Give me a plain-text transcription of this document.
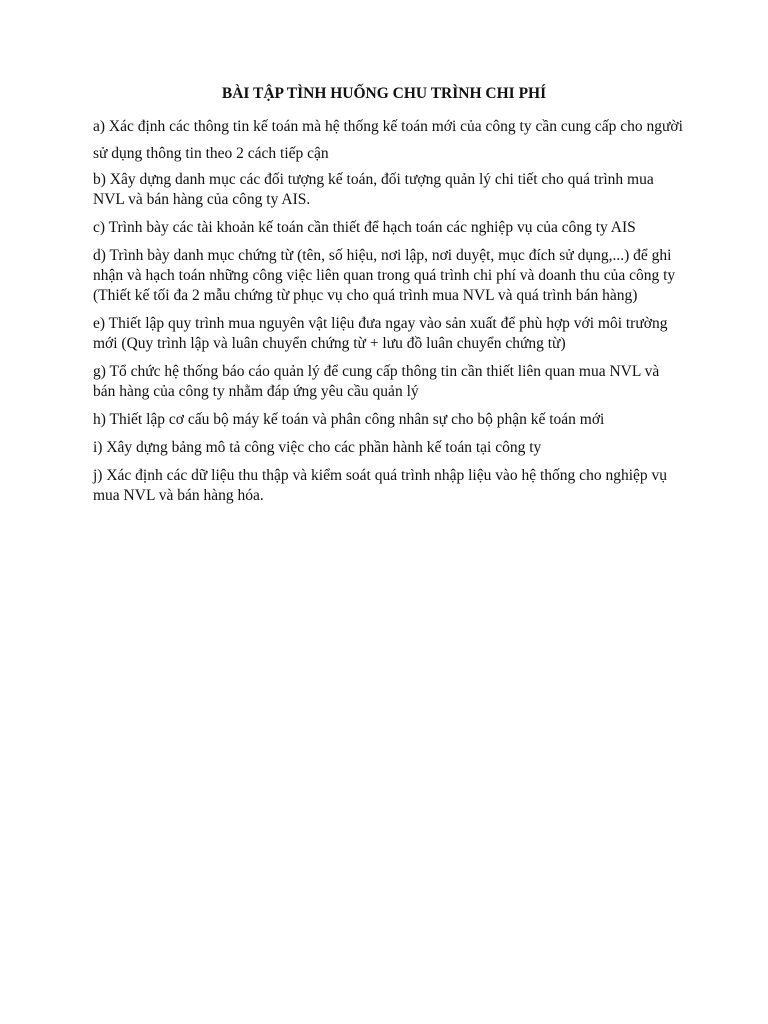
BÀI TẬP TÌNH HUỐNG CHU TRÌNH CHI PHÍ

a) Xác định các thông tin kế toán mà hệ thống kế toán mới của công ty cần cung cấp cho người sử dụng thông tin theo 2 cách tiếp cận

b) Xây dựng danh mục các đối tượng kế toán, đối tượng quản lý chi tiết cho quá trình mua NVL và bán hàng của công ty AIS.

c) Trình bày các tài khoản kế toán cần thiết để hạch toán các nghiệp vụ của công ty AIS

d) Trình bày danh mục chứng từ (tên, số hiệu, nơi lập, nơi duyệt, mục đích sử dụng,...) để ghi nhận và hạch toán những công việc liên quan trong quá trình chi phí và doanh thu của công ty (Thiết kế tối đa 2 mẫu chứng từ phục vụ cho quá trình mua NVL và quá trình bán hàng)

e) Thiết lập quy trình mua nguyên vật liệu đưa ngay vào sản xuất để phù hợp với môi trường mới (Quy trình lập và luân chuyển chứng từ + lưu đồ luân chuyển chứng từ)

g) Tổ chức hệ thống báo cáo quản lý để cung cấp thông tin cần thiết liên quan mua NVL và bán hàng của công ty nhằm đáp ứng yêu cầu quản lý

h) Thiết lập cơ cấu bộ máy kế toán và phân công nhân sự cho bộ phận kế toán mới

i) Xây dựng bảng mô tả công việc cho các phần hành kế toán tại công ty

j) Xác định các dữ liệu thu thập và kiểm soát quá trình nhập liệu vào hệ thống cho nghiệp vụ mua NVL và bán hàng hóa.
